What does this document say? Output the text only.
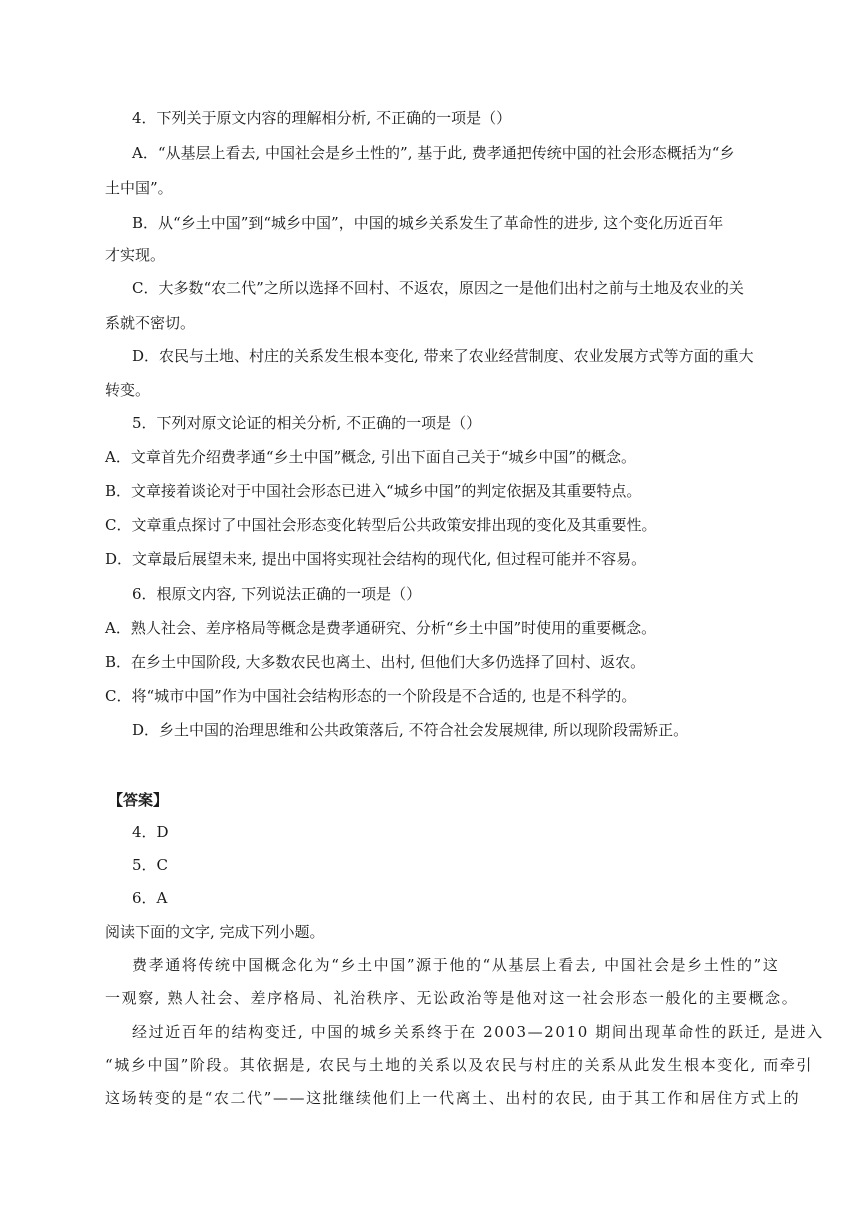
4．下列关于原文内容的理解相分析, 不正确的一项是（）
A．“从基层上看去, 中国社会是乡土性的”, 基于此, 费孝通把传统中国的社会形态概括为“乡
土中国”。
B．从“乡土中国”到“城乡中国”，中国的城乡关系发生了革命性的进步, 这个变化历近百年
才实现。
C．大多数“农二代”之所以选择不回村、不返农，原因之一是他们出村之前与土地及农业的关
系就不密切。
D．农民与土地、村庄的关系发生根本变化, 带来了农业经营制度、农业发展方式等方面的重大
转变。
5．下列对原文论证的相关分析, 不正确的一项是（）
A．文章首先介绍费孝通“乡土中国”概念, 引出下面自己关于“城乡中国”的概念。
B．文章接着谈论对于中国社会形态已进入“城乡中国”的判定依据及其重要特点。
C．文章重点探讨了中国社会形态变化转型后公共政策安排出现的变化及其重要性。
D．文章最后展望未来, 提出中国将实现社会结构的现代化, 但过程可能并不容易。
6．根原文内容, 下列说法正确的一项是（）
A．熟人社会、差序格局等概念是费孝通研究、分析“乡土中国”时使用的重要概念。
B．在乡土中国阶段, 大多数农民也离土、出村, 但他们大多仍选择了回村、返农。
C．将“城市中国”作为中国社会结构形态的一个阶段是不合适的, 也是不科学的。
D．乡土中国的治理思维和公共政策落后, 不符合社会发展规律, 所以现阶段需矫正。
【答案】
4．D
5．C
6．A
阅读下面的文字, 完成下列小题。
费孝通将传统中国概念化为“乡土中国”源于他的“从基层上看去, 中国社会是乡土性的”这
一观察, 熟人社会、差序格局、礼治秩序、无讼政治等是他对这一社会形态一般化的主要概念。
经过近百年的结构变迁, 中国的城乡关系终于在 2003—2010 期间出现革命性的跃迁, 是进入
“城乡中国”阶段。其依据是, 农民与土地的关系以及农民与村庄的关系从此发生根本变化, 而牵引
这场转变的是“农二代”——这批继续他们上一代离土、出村的农民, 由于其工作和居住方式上的
